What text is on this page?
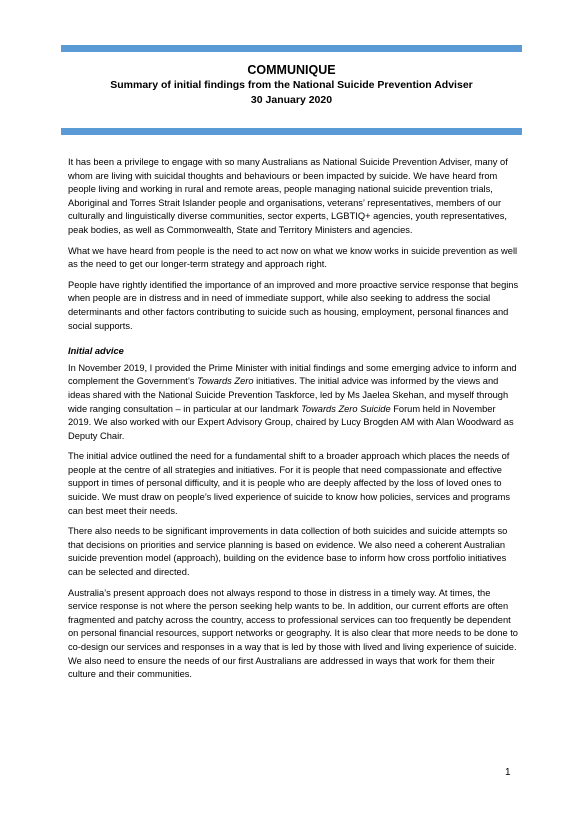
COMMUNIQUE
Summary of initial findings from the National Suicide Prevention Adviser
30 January 2020

It has been a privilege to engage with so many Australians as National Suicide Prevention Adviser, many of whom are living with suicidal thoughts and behaviours or been impacted by suicide. We have heard from people living and working in rural and remote areas, people managing national suicide prevention trials, Aboriginal and Torres Strait Islander people and organisations, veterans’ representatives, members of our culturally and linguistically diverse communities, sector experts, LGBTIQ+ agencies, youth representatives, peak bodies, as well as Commonwealth, State and Territory Ministers and agencies.

What we have heard from people is the need to act now on what we know works in suicide prevention as well as the need to get our longer-term strategy and approach right.

People have rightly identified the importance of an improved and more proactive service response that begins when people are in distress and in need of immediate support, while also seeking to address the social determinants and other factors contributing to suicide such as housing, employment, personal finances and social supports.

Initial advice

In November 2019, I provided the Prime Minister with initial findings and some emerging advice to inform and complement the Government’s Towards Zero initiatives. The initial advice was informed by the views and ideas shared with the National Suicide Prevention Taskforce, led by Ms Jaelea Skehan, and myself through wide ranging consultation – in particular at our landmark Towards Zero Suicide Forum held in November 2019. We also worked with our Expert Advisory Group, chaired by Lucy Brogden AM with Alan Woodward as Deputy Chair.

The initial advice outlined the need for a fundamental shift to a broader approach which places the needs of people at the centre of all strategies and initiatives. For it is people that need compassionate and effective support in times of personal difficulty, and it is people who are deeply affected by the loss of loved ones to suicide. We must draw on people’s lived experience of suicide to know how policies, services and programs can best meet their needs.

There also needs to be significant improvements in data collection of both suicides and suicide attempts so that decisions on priorities and service planning is based on evidence. We also need a coherent Australian suicide prevention model (approach), building on the evidence base to inform how cross portfolio initiatives can be selected and directed.

Australia’s present approach does not always respond to those in distress in a timely way. At times, the service response is not where the person seeking help wants to be. In addition, our current efforts are often fragmented and patchy across the country, access to professional services can too frequently be dependent on personal financial resources, support networks or geography. It is also clear that more needs to be done to co-design our services and responses in a way that is led by those with lived and living experience of suicide. We also need to ensure the needs of our first Australians are addressed in ways that work for them their culture and their communities.

1
